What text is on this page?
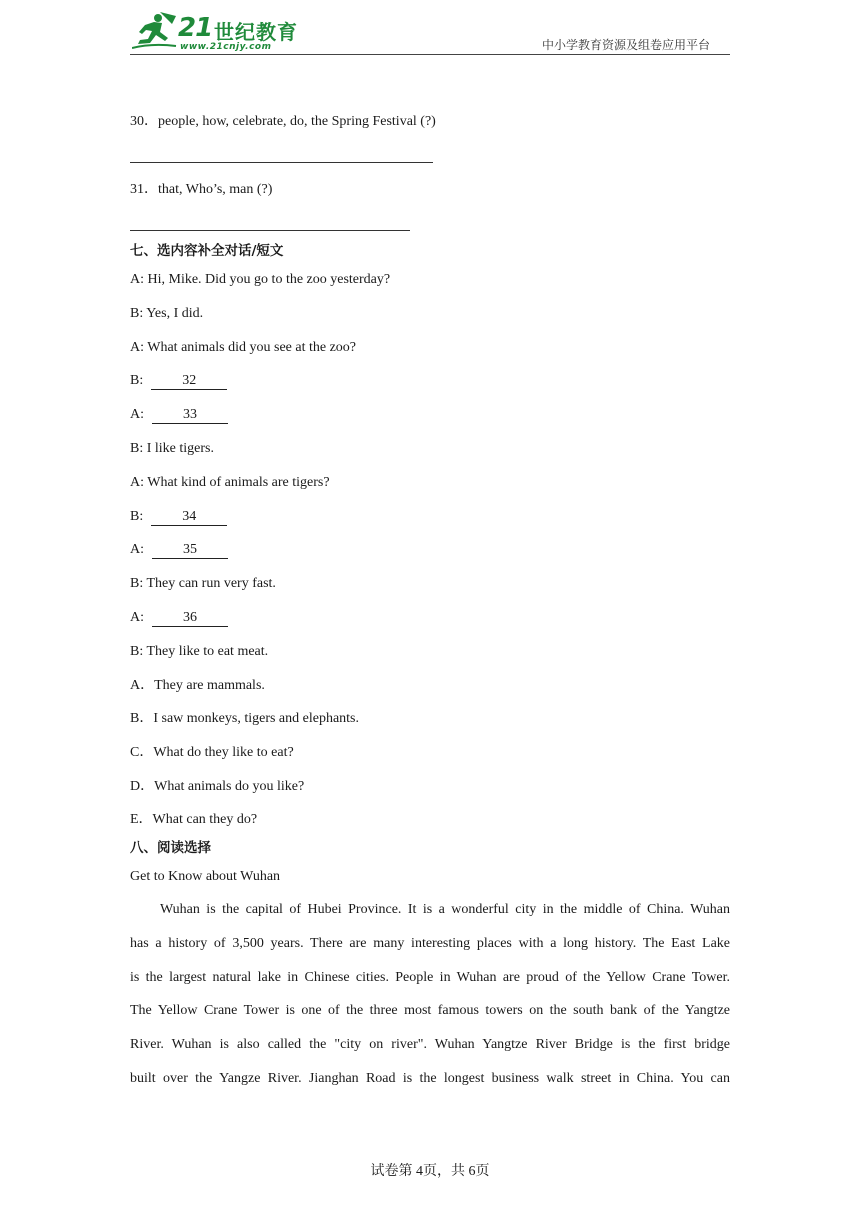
21 世纪教育
www.21cnjy.com	中小学教育资源及组卷应用平台
30．people, how, celebrate, do, the Spring Festival (?)
31．that, Who’s, man (?)
七、选内容补全对话/短文
A: Hi, Mike. Did you go to the zoo yesterday?
B: Yes, I did.
A: What animals did you see at the zoo?
B:	32
A:	33
B: I like tigers.
A: What kind of animals are tigers?
B:	34
A:	35
B: They can run very fast.
A:	36
B: They like to eat meat.
A．They are mammals.
B．I saw monkeys, tigers and elephants.
C．What do they like to eat?
D．What animals do you like?
E．What can they do?
八、阅读选择
Get to Know about Wuhan
Wuhan is the capital of Hubei Province. It is a wonderful city in the middle of China. Wuhan
has a history of 3,500 years. There are many interesting places with a long history. The East Lake
is the largest natural lake in Chinese cities. People in Wuhan are proud of the Yellow Crane Tower.
The Yellow Crane Tower is one of the three most famous towers on the south bank of the Yangtze
River. Wuhan is also called the "city on river". Wuhan Yangtze River Bridge is the first bridge
built over the Yangze River. Jianghan Road is the longest business walk street in China. You can
试卷第 4页，共 6页
